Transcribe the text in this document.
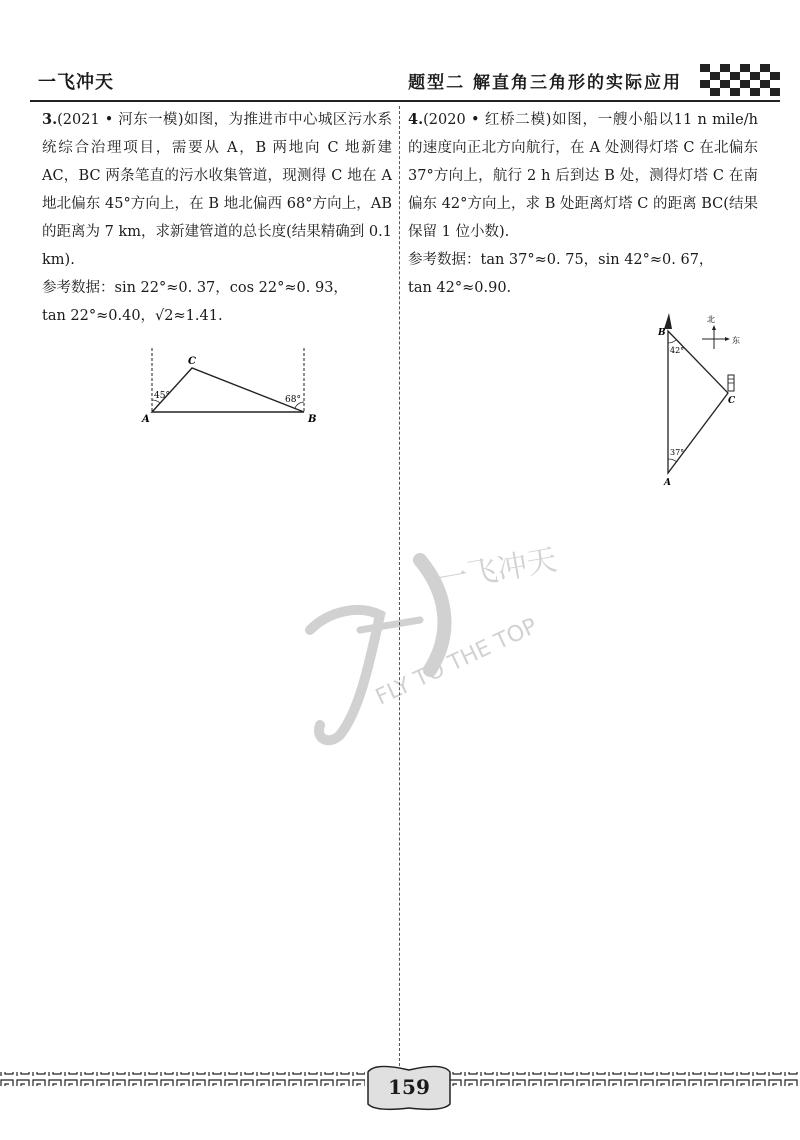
一飞冲天	题型二 解直角三角形的实际应用

3.(2021 • 河东一模)如图，为推进市中心城区污水系统综合治理项目，需要从 A，B 两地向 C 地新建 AC，BC 两条笔直的污水收集管道，现测得 C 地在 A 地北偏东 45°方向上，在 B 地北偏西 68°方向上，AB 的距离为 7 km，求新建管道的总长度(结果精确到 0.1 km).

参考数据：sin 22°≈0. 37，cos 22°≈0. 93，

tan 22°≈0.40，√2≈1.41.

A	B
C
45°	68°

4.(2020 • 红桥二模)如图，一艘小船以11 n mile/h的速度向正北方向航行，在 A 处测得灯塔 C 在北偏东 37°方向上，航行 2 h 后到达 B 处，测得灯塔 C 在南偏东 42°方向上，求 B 处距离灯塔 C 的距离 BC(结果保留 1 位小数).

参考数据：tan 37°≈0. 75，sin 42°≈0. 67，

tan 42°≈0.90.

B
C
A
42°
37°
北
东
一飞冲天
FLY TO THE TOP
159
